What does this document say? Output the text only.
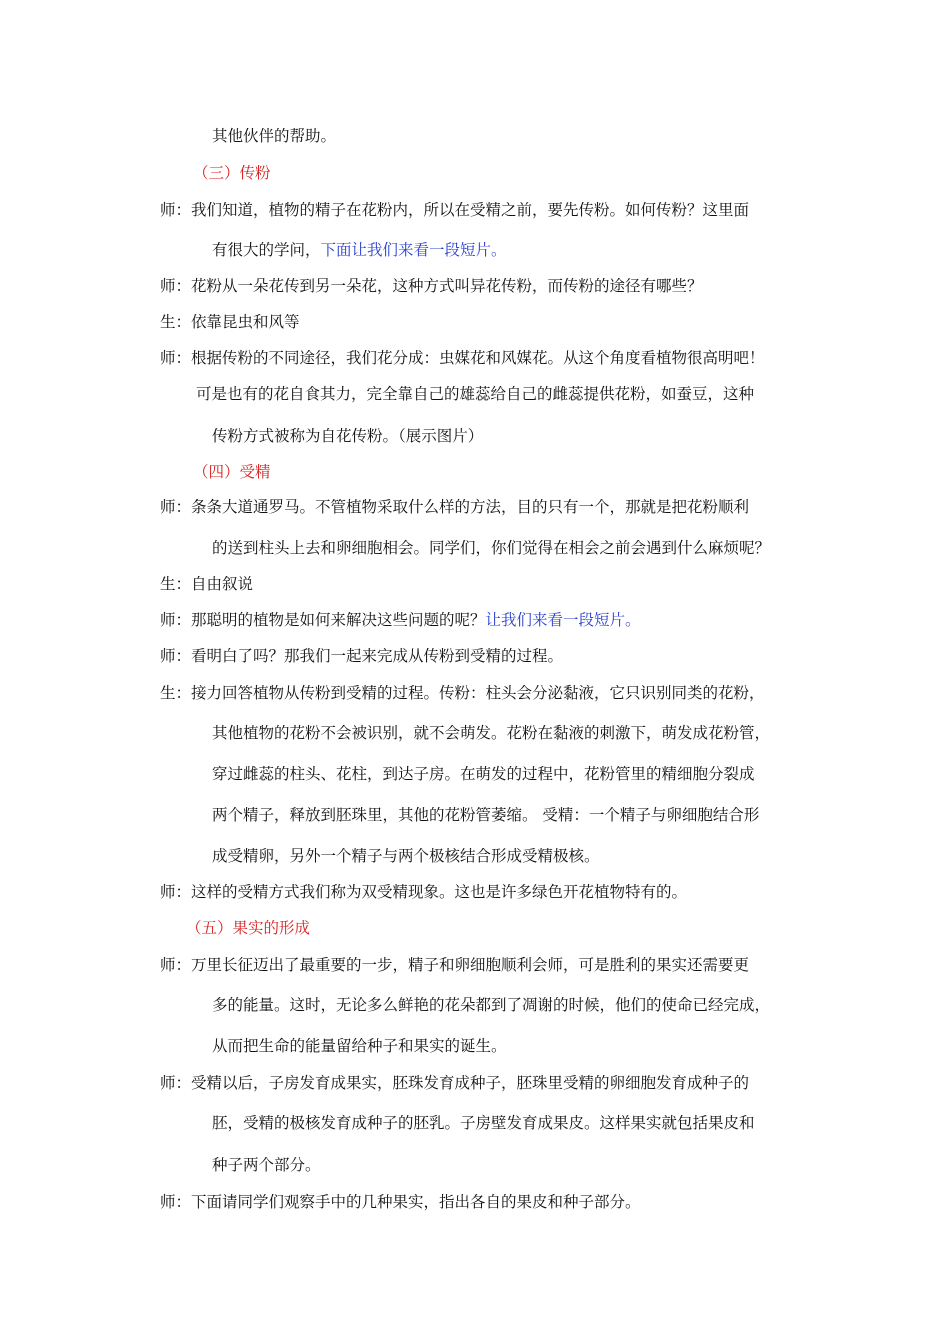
其他伙伴的帮助。
（三）传粉
师：我们知道，植物的精子在花粉内，所以在受精之前，要先传粉。如何传粉？这里面
有很大的学问，下面让我们来看一段短片。
师：花粉从一朵花传到另一朵花，这种方式叫异花传粉，而传粉的途径有哪些？
生：依靠昆虫和风等
师：根据传粉的不同途径，我们花分成：虫媒花和风媒花。从这个角度看植物很高明吧！
可是也有的花自食其力，完全靠自己的雄蕊给自己的雌蕊提供花粉，如蚕豆，这种
传粉方式被称为自花传粉。（展示图片）
（四）受精
师：条条大道通罗马。不管植物采取什么样的方法，目的只有一个，那就是把花粉顺利
的送到柱头上去和卵细胞相会。同学们，你们觉得在相会之前会遇到什么麻烦呢？
生：自由叙说
师：那聪明的植物是如何来解决这些问题的呢？让我们来看一段短片。
师：看明白了吗？那我们一起来完成从传粉到受精的过程。
生：接力回答植物从传粉到受精的过程。传粉：柱头会分泌黏液，它只识别同类的花粉，
其他植物的花粉不会被识别，就不会萌发。花粉在黏液的刺激下，萌发成花粉管，
穿过雌蕊的柱头、花柱，到达子房。在萌发的过程中，花粉管里的精细胞分裂成
两个精子，释放到胚珠里，其他的花粉管萎缩。 受精：一个精子与卵细胞结合形
成受精卵，另外一个精子与两个极核结合形成受精极核。
师：这样的受精方式我们称为双受精现象。这也是许多绿色开花植物特有的。
（五）果实的形成
师：万里长征迈出了最重要的一步，精子和卵细胞顺利会师，可是胜利的果实还需要更
多的能量。这时，无论多么鲜艳的花朵都到了凋谢的时候，他们的使命已经完成，
从而把生命的能量留给种子和果实的诞生。
师：受精以后，子房发育成果实，胚珠发育成种子，胚珠里受精的卵细胞发育成种子的
胚，受精的极核发育成种子的胚乳。子房壁发育成果皮。这样果实就包括果皮和
种子两个部分。
师：下面请同学们观察手中的几种果实，指出各自的果皮和种子部分。
